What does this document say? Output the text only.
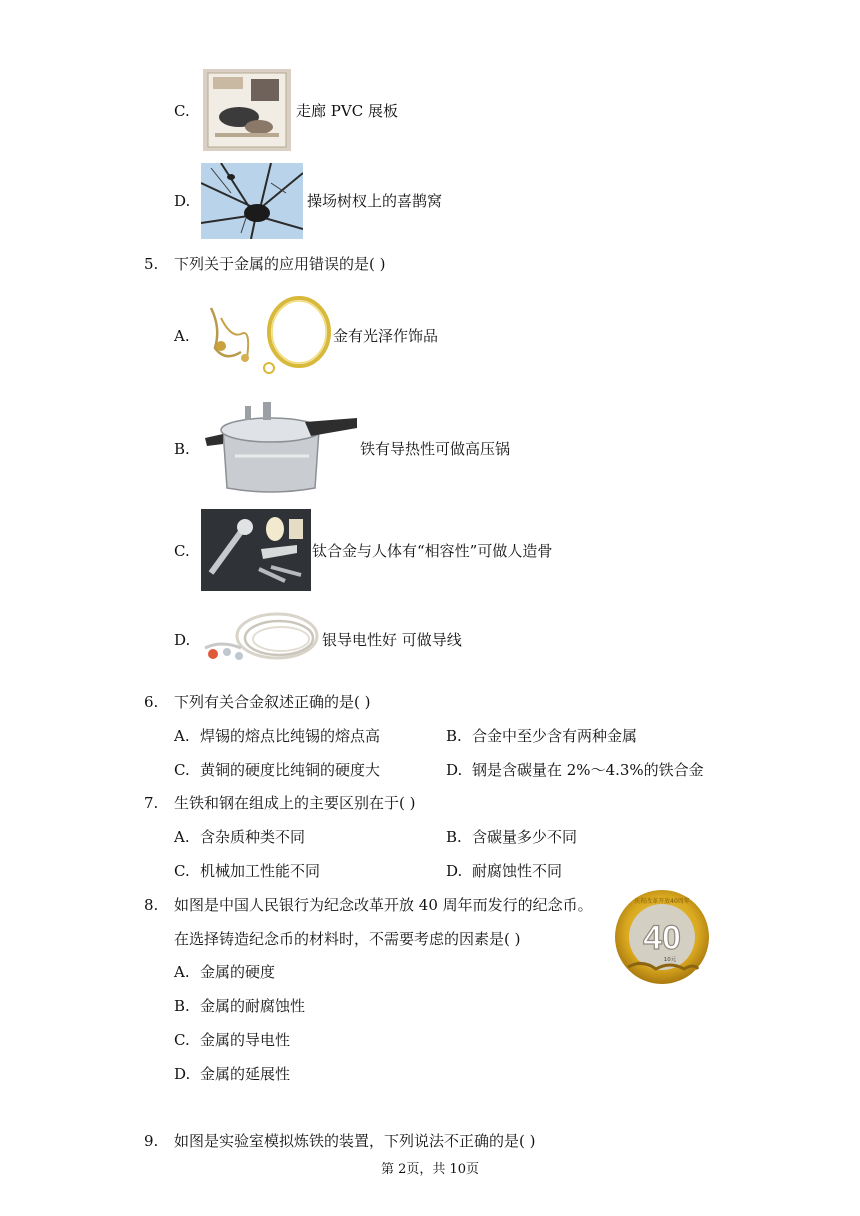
C.	走廊 PVC 展板
D.	操场树杈上的喜鹊窝
5. 下列关于金属的应用错误的是( )
A.	金有光泽作饰品
B.	铁有导热性可做高压锅
C.	钛合金与人体有“相容性”可做人造骨
D.	银导电性好 可做导线
6. 下列有关合金叙述正确的是( )
A. 焊锡的熔点比纯锡的熔点高	B. 合金中至少含有两种金属
C. 黄铜的硬度比纯铜的硬度大	D. 钢是含碳量在 2%～4.3%的铁合金
7. 生铁和钢在组成上的主要区别在于( )
A. 含杂质种类不同	B. 含碳量多少不同
C. 机械加工性能不同	D. 耐腐蚀性不同
8. 如图是中国人民银行为纪念改革开放 40 周年而发行的纪念币。
在选择铸造纪念币的材料时，不需要考虑的因素是( )	40
庆祝改革开放40周年
10元
A. 金属的硬度
B. 金属的耐腐蚀性
C. 金属的导电性
D. 金属的延展性
9. 如图是实验室模拟炼铁的装置，下列说法不正确的是( )
第 2页，共 10页
